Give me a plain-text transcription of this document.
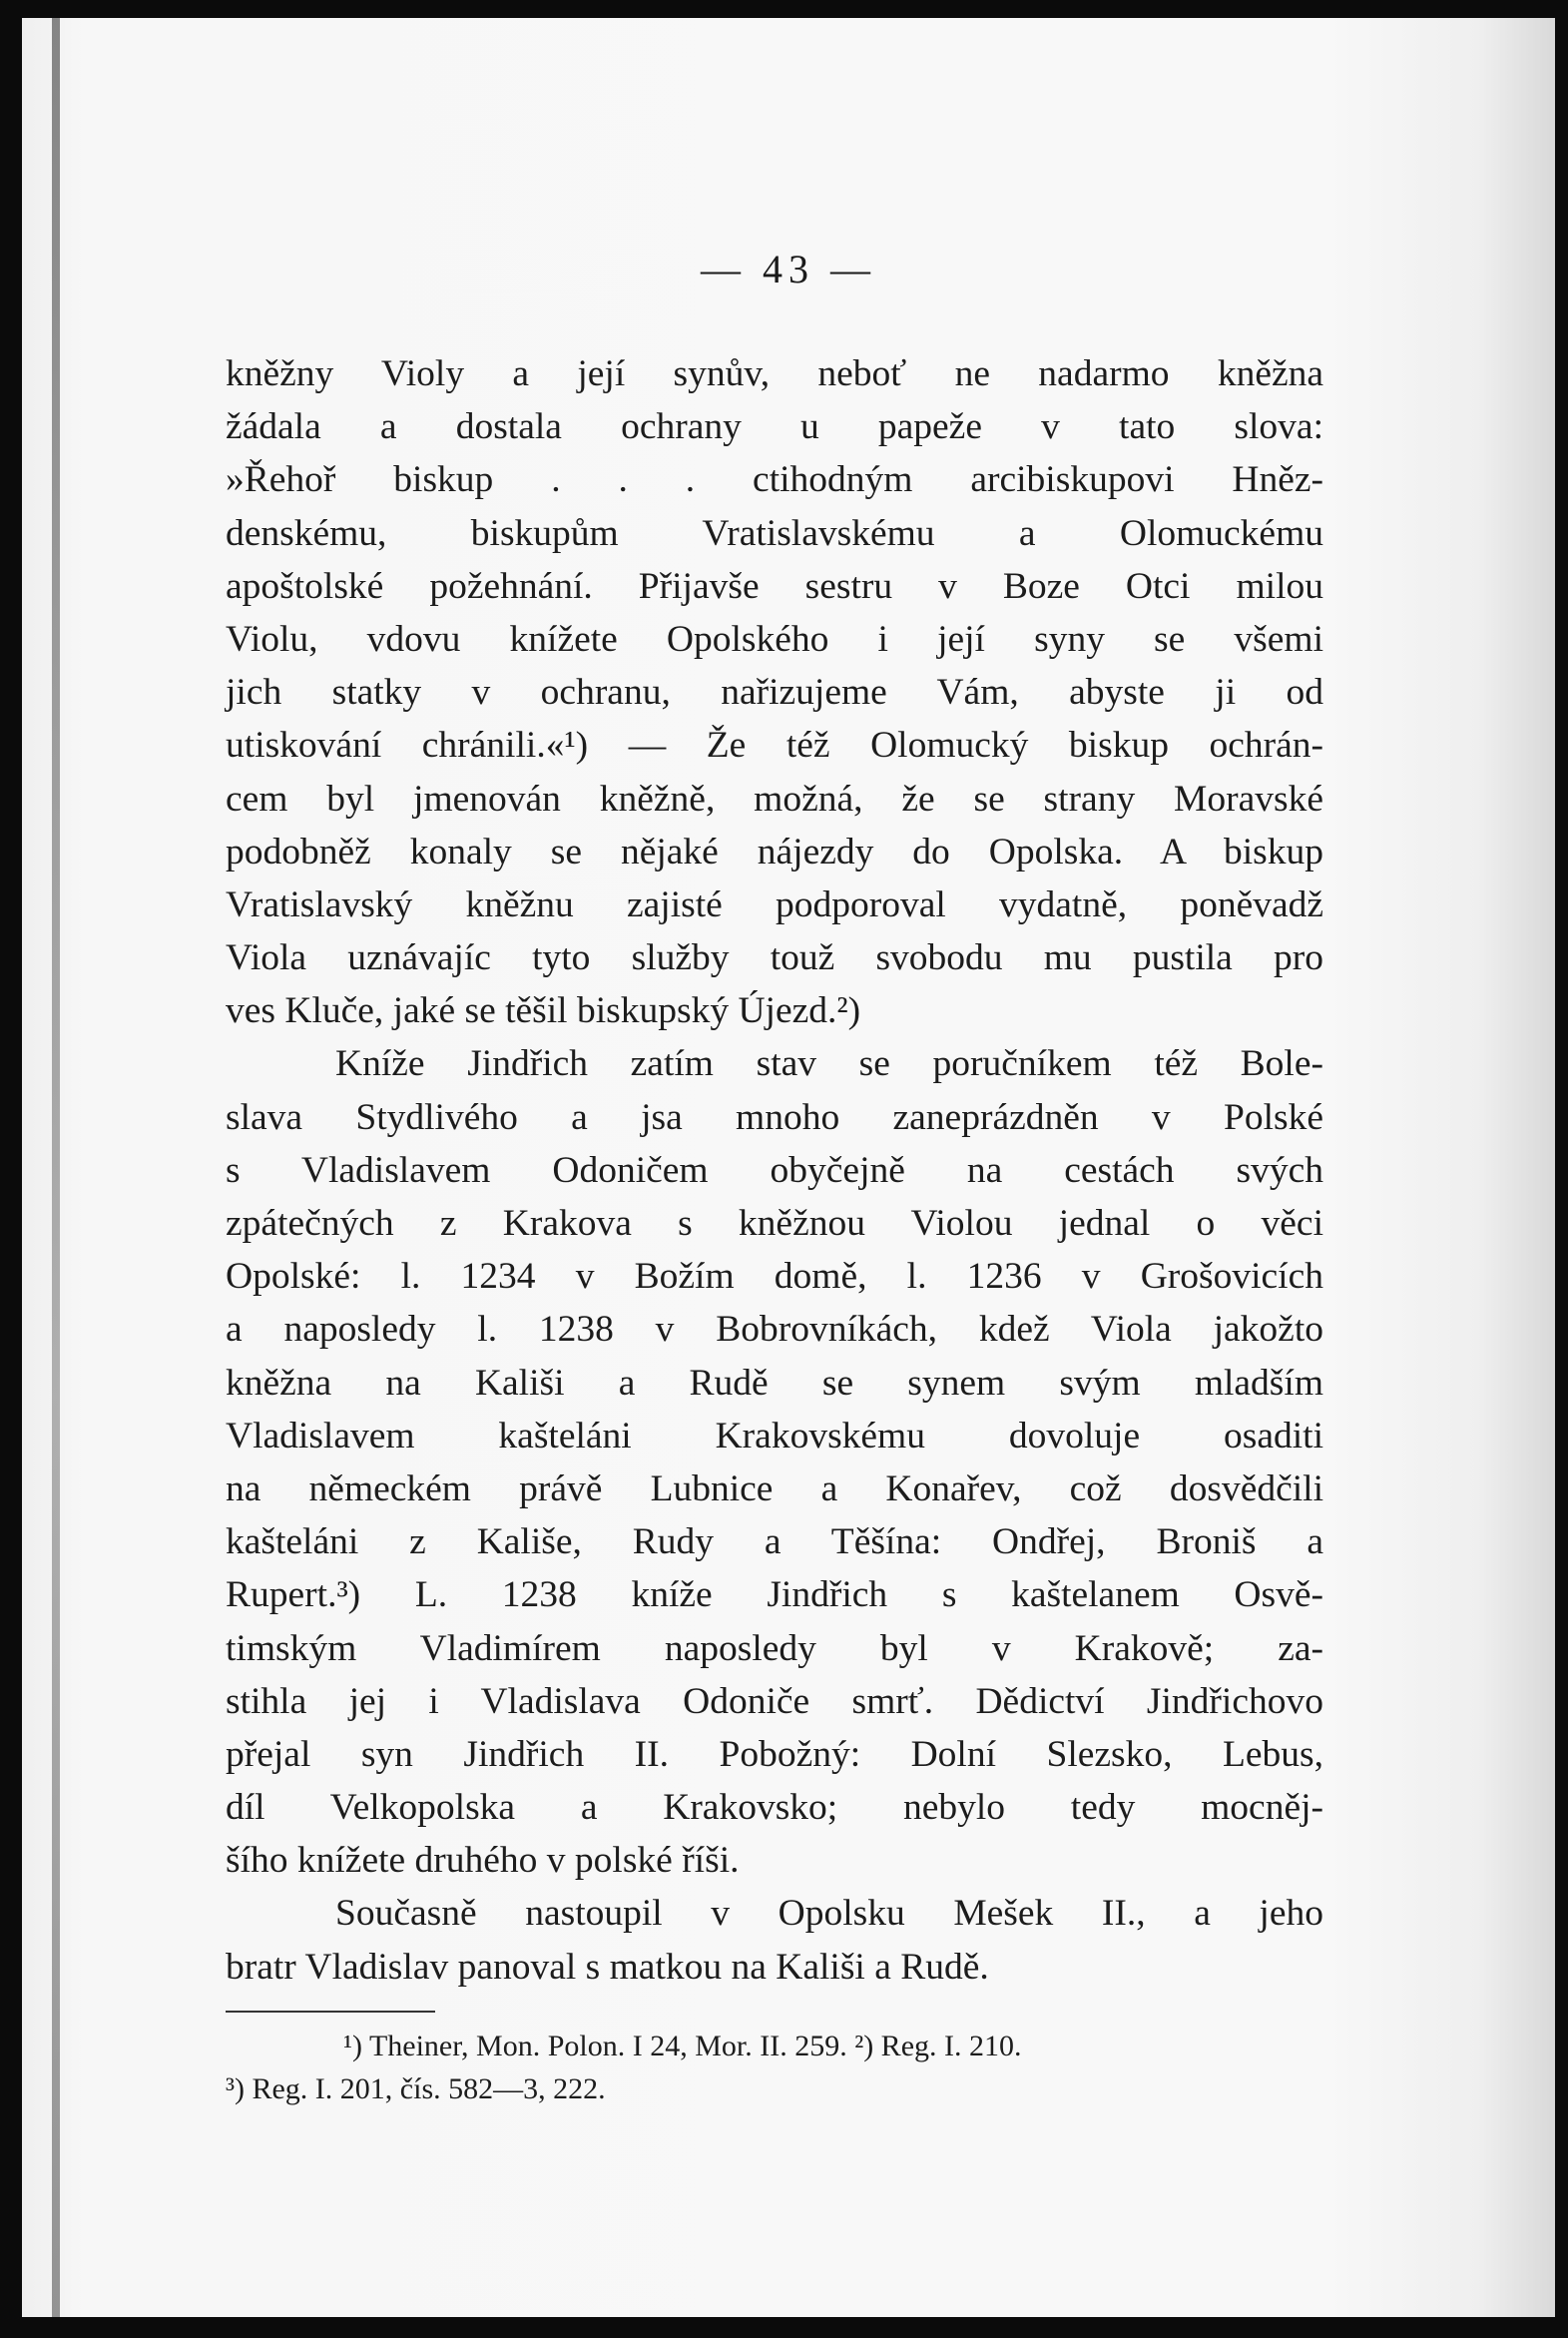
— 43 —
kněžny Violy a její synův, neboť ne nadarmo kněžna
žádala a dostala ochrany u papeže v tato slova:
»Řehoř biskup . . . ctihodným arcibiskupovi Hněz-
denskému, biskupům Vratislavskému a Olomuckému
apoštolské požehnání. Přijavše sestru v Boze Otci milou
Violu, vdovu knížete Opolského i její syny se všemi
jich statky v ochranu, nařizujeme Vám, abyste ji od
utiskování chránili.«¹) — Že též Olomucký biskup ochrán-
cem byl jmenován kněžně, možná, že se strany Moravské
podobněž konaly se nějaké nájezdy do Opolska. A biskup
Vratislavský kněžnu zajisté podporoval vydatně, poněvadž
Viola uznávajíc tyto služby touž svobodu mu pustila pro
ves Kluče, jaké se těšil biskupský Újezd.²)
Kníže Jindřich zatím stav se poručníkem též Bole-
slava Stydlivého a jsa mnoho zaneprázdněn v Polské
s Vladislavem Odoničem obyčejně na cestách svých
zpátečných z Krakova s kněžnou Violou jednal o věci
Opolské: l. 1234 v Božím domě, l. 1236 v Grošovicích
a naposledy l. 1238 v Bobrovníkách, kdež Viola jakožto
kněžna na Kališi a Rudě se synem svým mladším
Vladislavem kašteláni Krakovskému dovoluje osaditi
na německém právě Lubnice a Konařev, což dosvědčili
kašteláni z Kališe, Rudy a Těšína: Ondřej, Broniš a
Rupert.³) L. 1238 kníže Jindřich s kaštelanem Osvě-
timským Vladimírem naposledy byl v Krakově; za-
stihla jej i Vladislava Odoniče smrť. Dědictví Jindřichovo
přejal syn Jindřich II. Pobožný: Dolní Slezsko, Lebus,
díl Velkopolska a Krakovsko; nebylo tedy mocněj-
šího knížete druhého v polské říši.
Současně nastoupil v Opolsku Mešek II., a jeho
bratr Vladislav panoval s matkou na Kališi a Rudě.
¹) Theiner, Mon. Polon. I 24, Mor. II. 259. ²) Reg. I. 210.
³) Reg. I. 201, čís. 582—3, 222.
